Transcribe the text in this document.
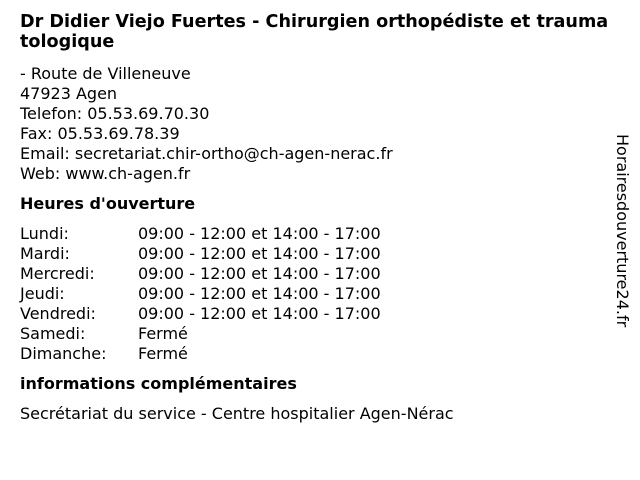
Dr Didier Viejo Fuertes - Chirurgien orthopédiste et traumatologique
- Route de Villeneuve
47923 Agen
Telefon: 05.53.69.70.30
Fax: 05.53.69.78.39
Email: secretariat.chir-ortho@ch-agen-nerac.fr
Web: www.ch-agen.fr
Heures d'ouverture
Lundi:	09:00 - 12:00 et 14:00 - 17:00
Mardi:	09:00 - 12:00 et 14:00 - 17:00
Mercredi:	09:00 - 12:00 et 14:00 - 17:00
Jeudi:	09:00 - 12:00 et 14:00 - 17:00
Vendredi:	09:00 - 12:00 et 14:00 - 17:00
Samedi:	Fermé
Dimanche:	Fermé
informations complémentaires
Secrétariat du service - Centre hospitalier Agen-Nérac
Horairesdouverture24.fr
